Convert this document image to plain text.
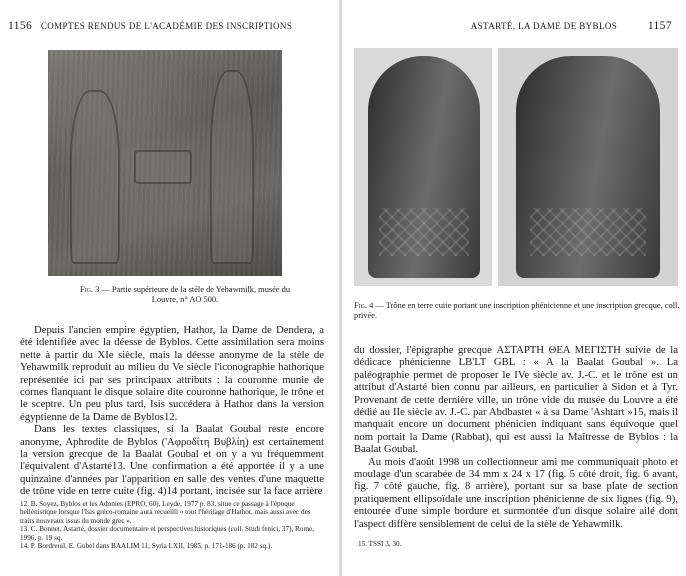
1156 COMPTES RENDUS DE L'ACADÉMIE DES INSCRIPTIONS	ASTARTÉ, LA DAME DE BYBLOS	1157
Fig. 3 — Partie supérieure de la stèle de Yehawmilk, musée du Louvre, n° AO 500.
Fig. 4 — Trône en terre cuite portant une inscription phénicienne et une inscription grecque, coll. privée.

Depuis l'ancien empire égyptien, Hathor, la Dame de Dendera, a été identifiée avec la déesse de Byblos. Cette assimilation sera moins nette à partir du XIe siècle, mais la déesse anonyme de la stèle de Yehawmilk reproduit au milieu du Ve siècle l'iconographie hathorique représentée ici par ses principaux attributs : la couronne munie de cornes flanquant le disque solaire dite couronne hathorique, le trône et le sceptre. Un peu plus tard, Isis succédera à Hathor dans la version égyptienne de la Dame de Byblos12.

Dans les textes classiques, si la Baalat Goubal reste encore anonyme, Aphrodite de Byblos ('Αφροδίτη Βυβλίη) est certainement la version grecque de la Baalat Goubal et on y a vu fréquemment l'équivalent d'Astarté13. Une confirmation a été apportée il y a une quinzaine d'années par l'apparition en salle des ventes d'une maquette de trône vide en terre cuite (fig. 4)14 portant, incisée sur la face arrière

du dossier, l'épigraphe grecque ΑΣΤΑΡΤΗ ΘΕΑ ΜΕΓΙΣΤΗ suivie de la dédicace phénicienne LB'LT GBL : « A la Baalat Goubal ». La paléographie permet de proposer le IVe siècle av. J.-C. et le trône est un attribut d'Astarté bien connu par ailleurs, en particulier à Sidon et à Tyr. Provenant de cette dernière ville, un trône vide du musée du Louvre a été dédié au IIe siècle av. J.-C. par Abdbastet « à sa Dame 'Ashtart »15, mais il manquait encore un document phénicien indiquant sans équivoque quel nom portait la Dame (Rabbat), qui est aussi la Maîtresse de Byblos : la Baalat Goubal.

Au mois d'août 1998 un collectionneur ami me communiquait photo et moulage d'un scarabée de 34 mm x 24 x 17 (fig. 5 côté droit, fig. 6 avant, fig. 7 côté gauche, fig. 8 arrière), portant sur sa base plate de section pratiquement ellipsoïdale une inscription phénicienne de six lignes (fig. 9), entourée d'une simple bordure et surmontée d'un disque solaire ailé dont l'aspect diffère sensiblement de celui de la stèle de Yehawmilk.

12. B. Soyez, Byblos et les Adonies (EPRO, 60), Leyde, 1977 p. 83, situe ce passage à l'époque hellénistique lorsque l'Isis gréco-romaine aura recueilli « tout l'héritage d'Hathor, mais aussi avec des traits nouveaux issus du monde grec ».

13. C. Bonnet, Astarté, dossier documentaire et perspectives historiques (coll. Studi fenici, 37), Rome, 1996, p. 19 sq.

14. P. Bordreuil, E. Gubel dans BAALIM 11, Syria LXII, 1985, p. 171-186 (p. 182 sq.).	15. TSSI 3, 30.
